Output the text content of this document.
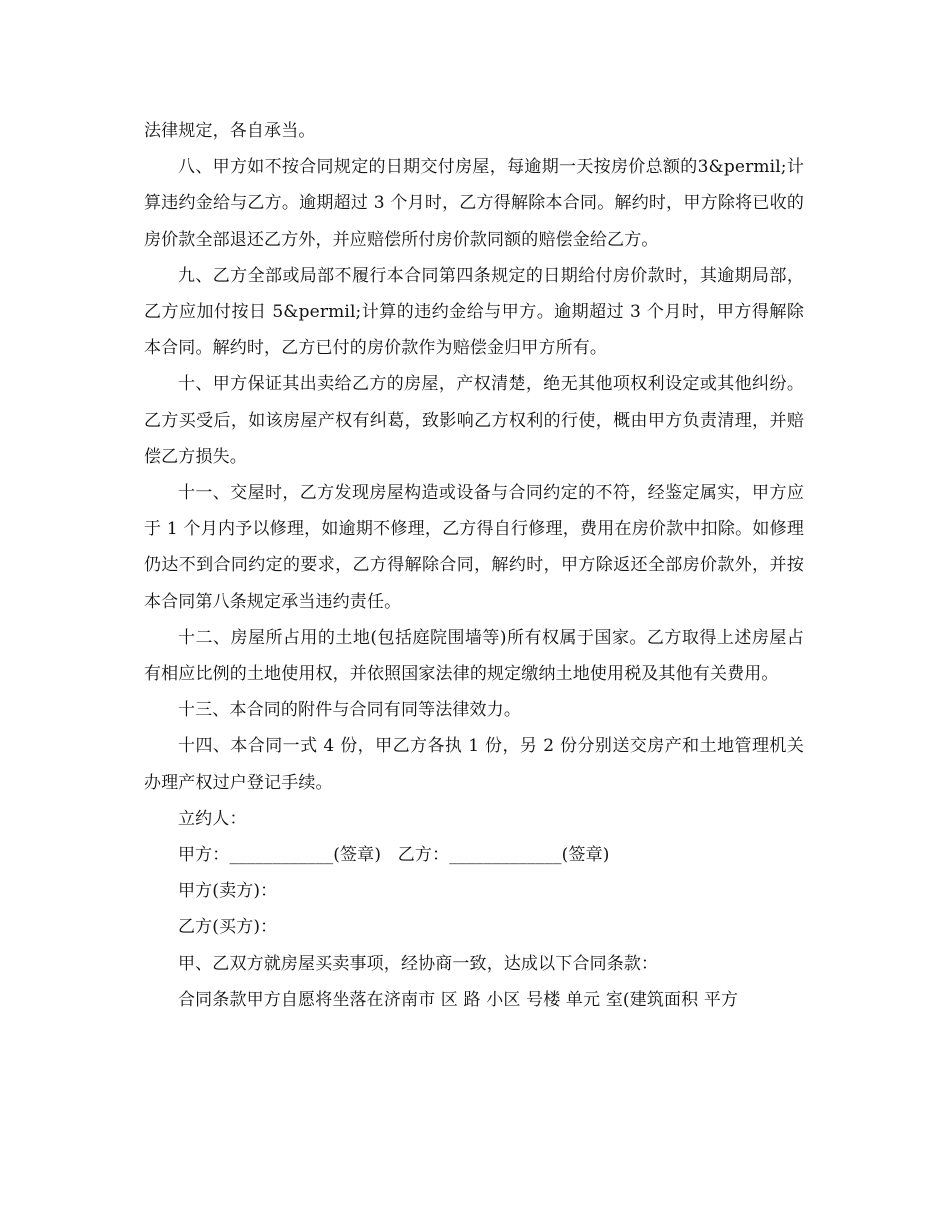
法律规定，各自承当。

八、甲方如不按合同规定的日期交付房屋，每逾期一天按房价总额的3&permil;计算违约金给与乙方。逾期超过 3 个月时，乙方得解除本合同。解约时，甲方除将已收的房价款全部退还乙方外，并应赔偿所付房价款同额的赔偿金给乙方。

九、乙方全部或局部不履行本合同第四条规定的日期给付房价款时，其逾期局部，乙方应加付按日 5&permil;计算的违约金给与甲方。逾期超过 3 个月时，甲方得解除本合同。解约时，乙方已付的房价款作为赔偿金归甲方所有。

十、甲方保证其出卖给乙方的房屋，产权清楚，绝无其他项权利设定或其他纠纷。乙方买受后，如该房屋产权有纠葛，致影响乙方权利的行使，概由甲方负责清理，并赔偿乙方损失。

十一、交屋时，乙方发现房屋构造或设备与合同约定的不符，经鉴定属实，甲方应于 1 个月内予以修理，如逾期不修理，乙方得自行修理，费用在房价款中扣除。如修理仍达不到合同约定的要求，乙方得解除合同，解约时，甲方除返还全部房价款外，并按本合同第八条规定承当违约责任。

十二、房屋所占用的土地(包括庭院围墙等)所有权属于国家。乙方取得上述房屋占有相应比例的土地使用权，并依照国家法律的规定缴纳土地使用税及其他有关费用。

十三、本合同的附件与合同有同等法律效力。

十四、本合同一式 4 份，甲乙方各执 1 份，另 2 份分别送交房产和土地管理机关办理产权过户登记手续。

立约人：

甲方：____________(签章)   乙方：_____________(签章)

甲方(卖方)：

乙方(买方)：

甲、乙双方就房屋买卖事项，经协商一致，达成以下合同条款：

合同条款甲方自愿将坐落在济南市 区 路 小区 号楼 单元 室(建筑面积 平方
